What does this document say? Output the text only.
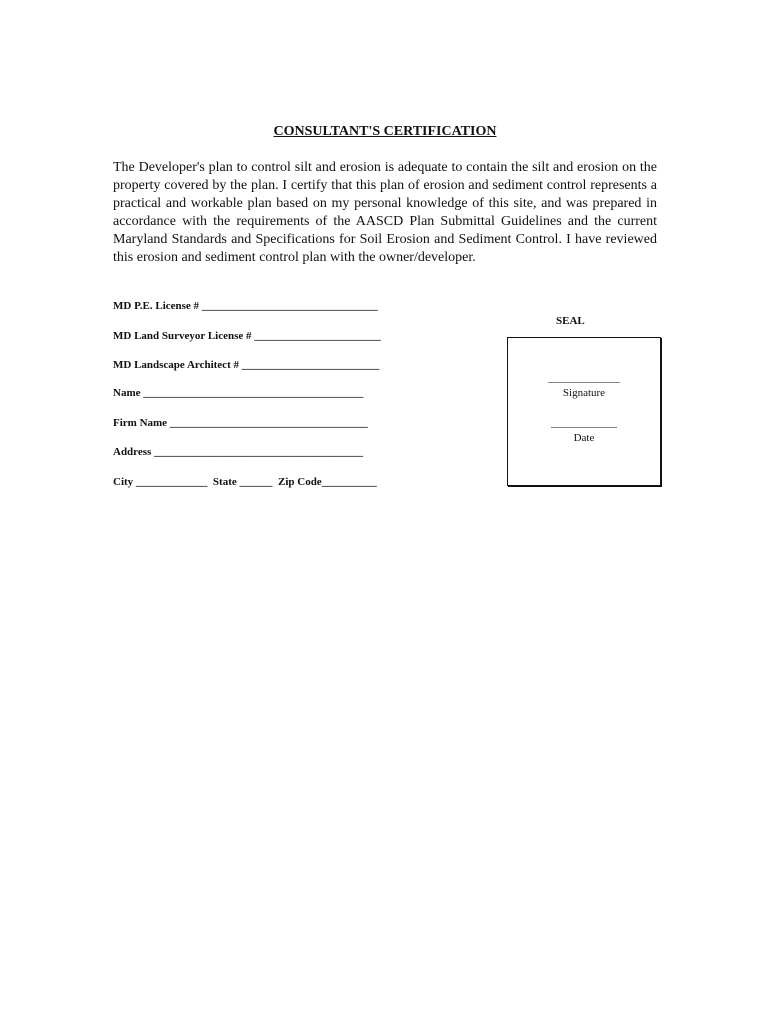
CONSULTANT'S CERTIFICATION

The Developer's plan to control silt and erosion is adequate to contain the silt and erosion on the property covered by the plan. I certify that this plan of erosion and sediment control represents a practical and workable plan based on my personal knowledge of this site, and was prepared in accordance with the requirements of the AASCD Plan Submittal Guidelines and the current Maryland Standards and Specifications for Soil Erosion and Sediment Control. I have reviewed this erosion and sediment control plan with the owner/developer.

MD P.E. License # ________________________________
MD Land Surveyor License # _______________________
MD Landscape Architect # _________________________
Name ________________________________________
Firm Name ____________________________________
Address ______________________________________
City _____________  State ______  Zip Code__________
SEAL
_____________
Signature
____________
Date
